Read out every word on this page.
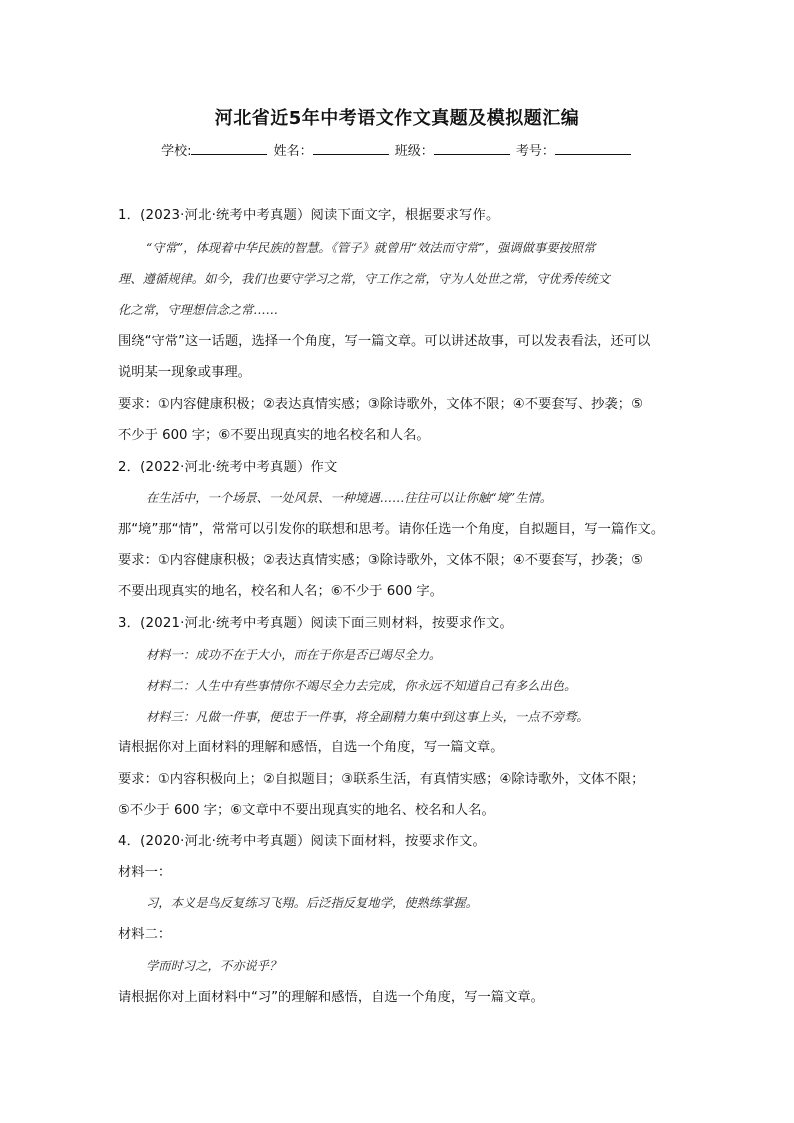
河北省近5年中考语文作文真题及模拟题汇编
学校:	姓名：	班级：	考号：
1．(2023·河北·统考中考真题）阅读下面文字，根据要求写作。
“守常”，体现着中华民族的智慧。《管子》就曾用“效法而守常”，强调做事要按照常
理、遵循规律。如今，我们也要守学习之常，守工作之常，守为人处世之常，守优秀传统文
化之常，守理想信念之常……
围绕“守常”这一话题，选择一个角度，写一篇文章。可以讲述故事，可以发表看法，还可以
说明某一现象或事理。
要求：①内容健康积极；②表达真情实感；③除诗歌外，文体不限；④不要套写、抄袭；⑤
不少于 600 字；⑥不要出现真实的地名校名和人名。
2．(2022·河北·统考中考真题）作文
在生活中，一个场景、一处风景、一种境遇……往往可以让你触“境”生情。
那“境”那“情”，常常可以引发你的联想和思考。请你任选一个角度，自拟题目，写一篇作文。
要求：①内容健康积极；②表达真情实感；③除诗歌外，文体不限；④不要套写，抄袭；⑤
不要出现真实的地名，校名和人名；⑥不少于 600 字。
3．(2021·河北·统考中考真题）阅读下面三则材料，按要求作文。
材料一：成功不在于大小，而在于你是否已竭尽全力。
材料二：人生中有些事情你不竭尽全力去完成，你永远不知道自己有多么出色。
材料三：凡做一件事，便忠于一件事，将全副精力集中到这事上头，一点不旁骛。
请根据你对上面材料的理解和感悟，自选一个角度，写一篇文章。
要求：①内容积极向上；②自拟题目；③联系生活，有真情实感；④除诗歌外，文体不限；
⑤不少于 600 字；⑥文章中不要出现真实的地名、校名和人名。
4．(2020·河北·统考中考真题）阅读下面材料，按要求作文。
材料一：
习，本义是鸟反复练习飞翔。后泛指反复地学，使熟练掌握。
材料二：
学而时习之，不亦说乎？
请根据你对上面材料中“习”的理解和感悟，自选一个角度，写一篇文章。
